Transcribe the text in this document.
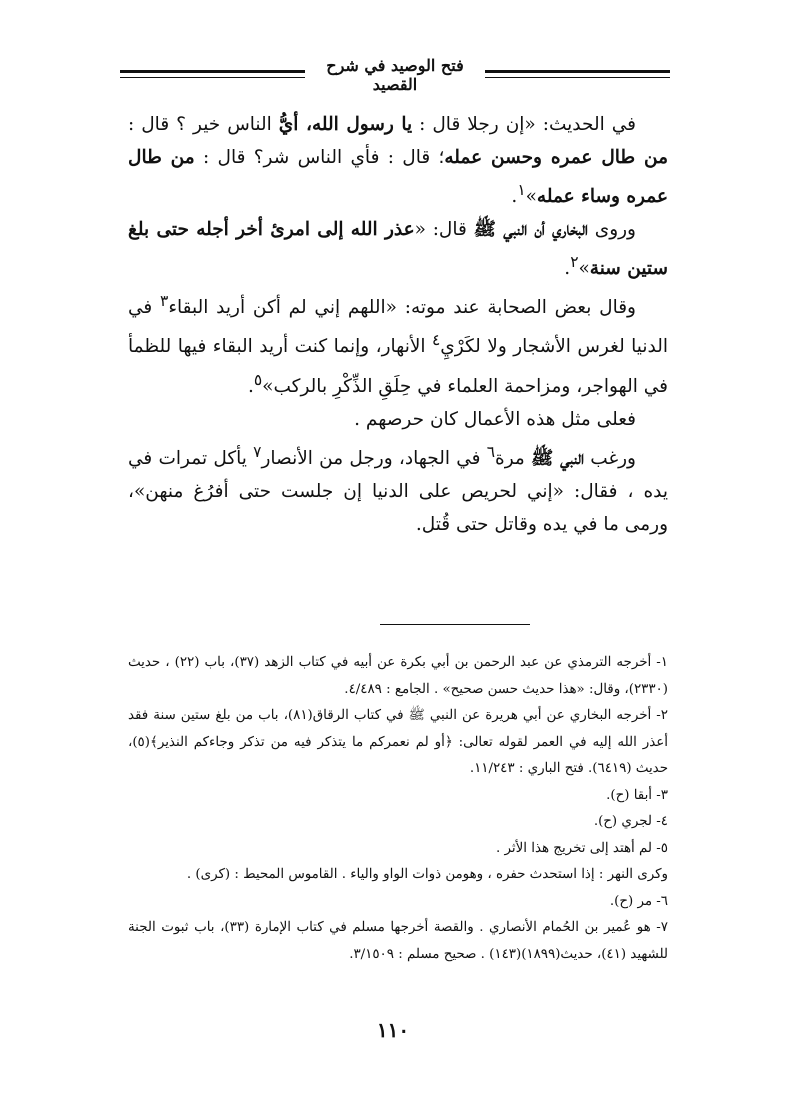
فتح الوصيد في شرح القصيد

في الحديث: «إن رجلا قال : يا رسول الله، أيُّ الناس خير ؟ قال : من طال عمره وحسن عمله؛ قال : فأي الناس شر؟ قال : من طال عمره وساء عمله»$^١$.

وروى البخاري أن النبي ﷺ قال: «عذر الله إلى امرئ أخر أجله حتى بلغ ستين سنة»$^٢$.

وقال بعض الصحابة عند موته: «اللهم إني لم أكن أريد البقاء$^٣$ في الدنيا لغرس الأشجار ولا لكَرْيِ$^٤$ الأنهار، وإنما كنت أريد البقاء فيها للظمأ في الهواجر، ومزاحمة العلماء في حِلَقِ الذِّكْرِ بالركب»$^٥$.

فعلى مثل هذه الأعمال كان حرصهم .

ورغب النبي ﷺ مرة$^٦$ في الجهاد، ورجل من الأنصار$^٧$ يأكل تمرات في يده ، فقال: «إني لحريص على الدنيا إن جلست حتى أفرُغ منهن»، ورمى ما في يده وقاتل حتى قُتل.

١- أخرجه الترمذي عن عبد الرحمن بن أبي بكرة عن أبيه في كتاب الزهد (٣٧)، باب (٢٢) ، حديث (٢٣٣٠)، وقال: «هذا حديث حسن صحيح» . الجامع : ٤/٤٨٩.

٢- أخرجه البخاري عن أبي هريرة عن النبي ﷺ في كتاب الرقاق(٨١)، باب من بلغ ستين سنة فقد أعذر الله إليه في العمر لقوله تعالى: ﴿أو لم نعمركم ما يتذكر فيه من تذكر وجاءكم النذير﴾(٥)، حديث (٦٤١٩). فتح الباري : ١١/٢٤٣.

٣- أبقا (ح).

٤- لجري (ح).

٥- لم أهتد إلى تخريج هذا الأثر .

وكرى النهر : إذا استحدث حفره ، وهومن ذوات الواو والياء . القاموس المحيط : (كرى) .

٦- مر (ح).

٧- هو عُمير بن الحُمام الأنصاري . والقصة أخرجها مسلم في كتاب الإمارة (٣٣)، باب ثبوت الجنة للشهيد (٤١)، حديث(١٨٩٩)(١٤٣) . صحيح مسلم : ٣/١٥٠٩.

١١٠
